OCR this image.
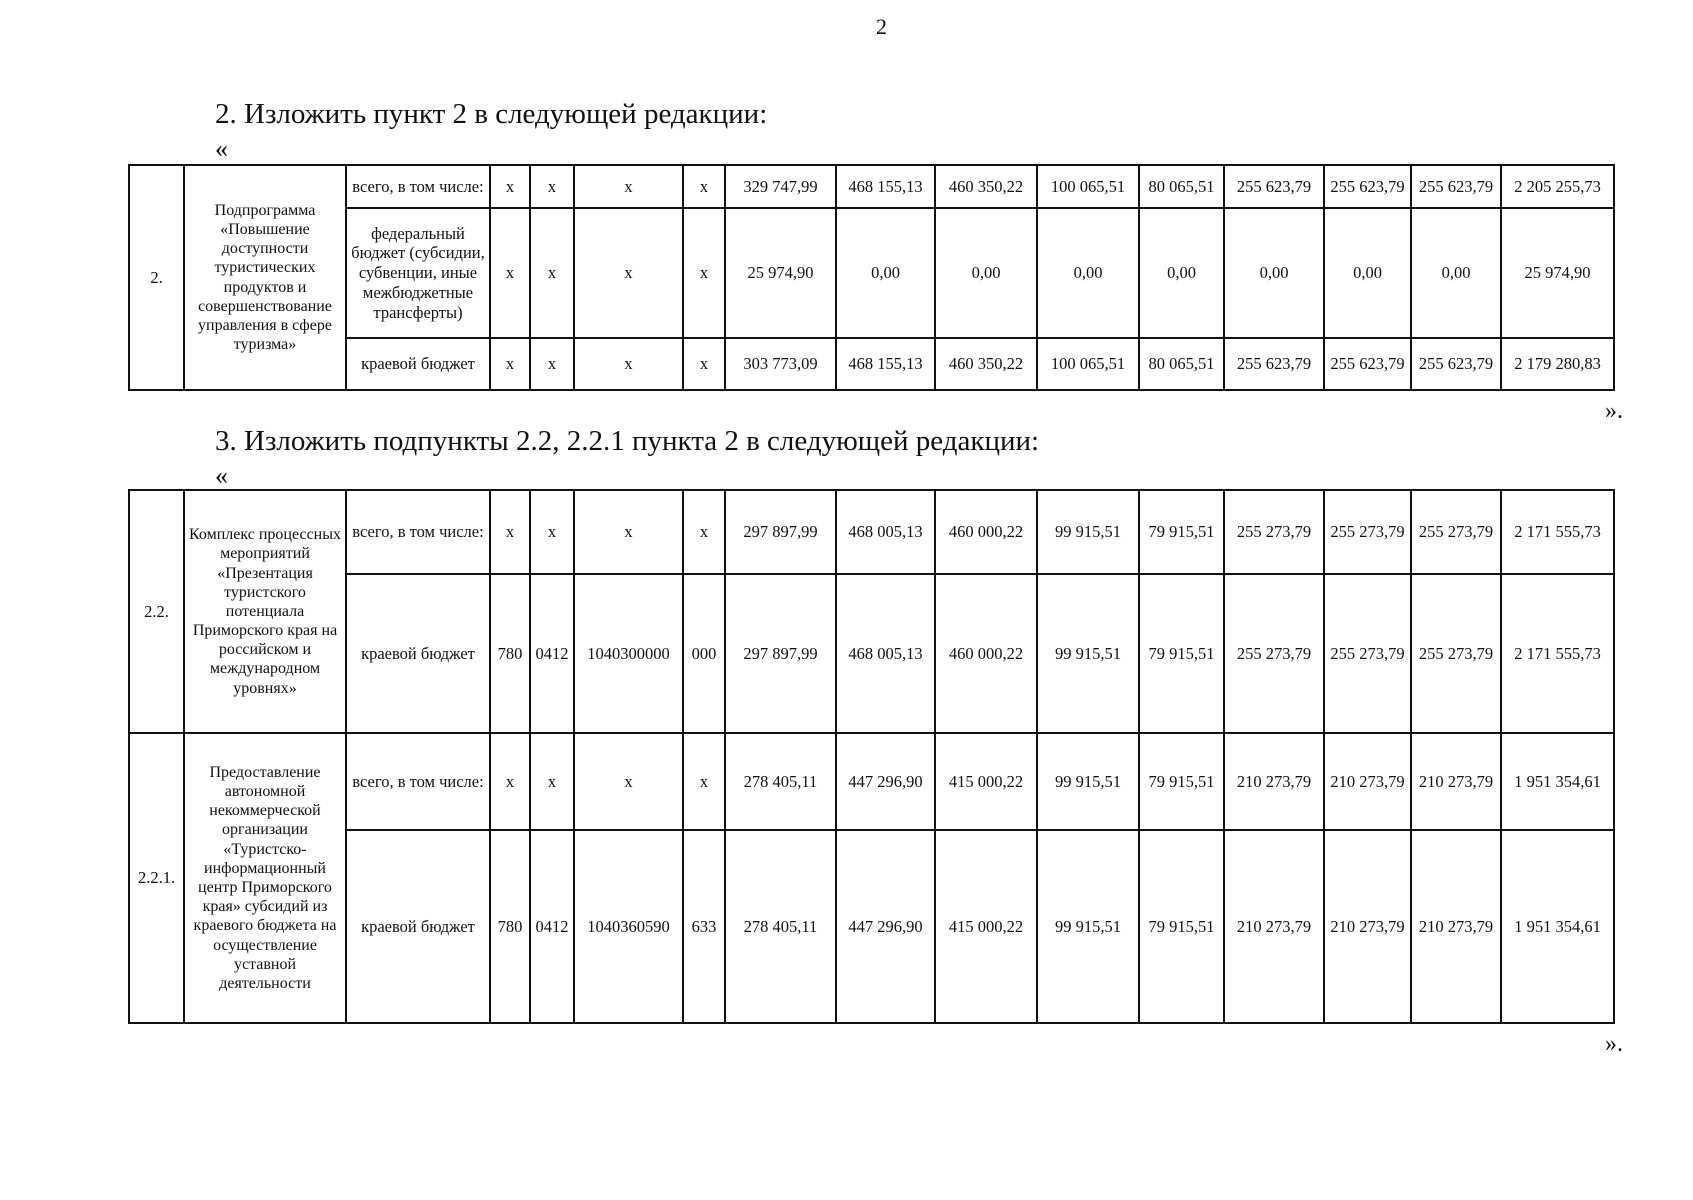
2
2. Изложить пункт 2 в следующей редакции:
«
2.	Подпрограмма «Повышение доступности туристических продуктов и совершенствование управления в сфере туризма»	всего, в том числе:	x	x	x	x	329 747,99	468 155,13	460 350,22	100 065,51	80 065,51	255 623,79	255 623,79	255 623,79	2 205 255,73
		федеральный бюджет (субсидии, субвенции, иные межбюджетные трансферты)	x	x	x	x	25 974,90	0,00	0,00	0,00	0,00	0,00	0,00	0,00	25 974,90
		краевой бюджет	x	x	x	x	303 773,09	468 155,13	460 350,22	100 065,51	80 065,51	255 623,79	255 623,79	255 623,79	2 179 280,83
».
3. Изложить подпункты 2.2, 2.2.1 пункта 2 в следующей редакции:
«
2.2.	Комплекс процессных мероприятий «Презентация туристского потенциала Приморского края на российском и международном уровнях»	всего, в том числе:	x	x	x	x	297 897,99	468 005,13	460 000,22	99 915,51	79 915,51	255 273,79	255 273,79	255 273,79	2 171 555,73
		краевой бюджет	780	0412	1040300000	000	297 897,99	468 005,13	460 000,22	99 915,51	79 915,51	255 273,79	255 273,79	255 273,79	2 171 555,73
2.2.1.	Предоставление автономной некоммерческой организации «Туристско-информационный центр Приморского края» субсидий из краевого бюджета на осуществление уставной деятельности	всего, в том числе:	x	x	x	x	278 405,11	447 296,90	415 000,22	99 915,51	79 915,51	210 273,79	210 273,79	210 273,79	1 951 354,61
		краевой бюджет	780	0412	1040360590	633	278 405,11	447 296,90	415 000,22	99 915,51	79 915,51	210 273,79	210 273,79	210 273,79	1 951 354,61
».
